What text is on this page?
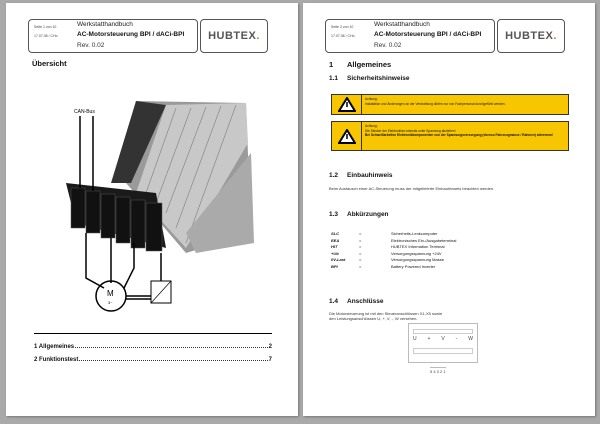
Seite 1 von 10
17.07.08 / CHo
Werkstatthandbuch
AC-Motorsteuerung BPI / dACi-BPI
Rev. 0.02
HUBTEX .
Übersicht
CAN-Bus
M
3~
1 Allgemeines	2
2 Funktionstest	7
Seite 2 von 10
17.07.08 / CHo
Werkstatthandbuch
AC-Motorsteuerung BPI / dACi-BPI
Rev. 0.02
HUBTEX .
1 Allgemeines
1.1 Sicherheitshinweise
Achtung:
Installation und Änderungen an der Verdrahtung dürfen nur von Fachpersonal durchgeführt werden.
Achtung:
Die Stecker der Elektroniken niemals unter Spannung abziehen!
Bei Schweißarbeiten Elektronikkomponenten von der Spannungsversorgung (ebenso Fahrzeugmasse / Rahmen) abtrennen!
1.2 Einbauhinweis
Beim Austausch einer AC-Steuerung muss der mitgelieferte Einbauhinweis beachten werden.
1.3 Abkürzungen
SLC	=	Sicherheits-Lenkcomputer
EEA	=	Elektronisches Ein-/Ausgabeterminal
HIT	=	HUBTEX Information Terminal
+Ub	=	Versorgungsspannung +24V
0V-Last	=	Versorgungsspannung Masse
BPI	=	Battery Powered Inverter
1.4 Anschlüsse
Die Motorsteuerung ist mit den Steueranschlüssen X1-X5 sowie
den Leistungsanschlüssen U, +, V, -, W versehen.
U + V - W
5 4 3 2 1
